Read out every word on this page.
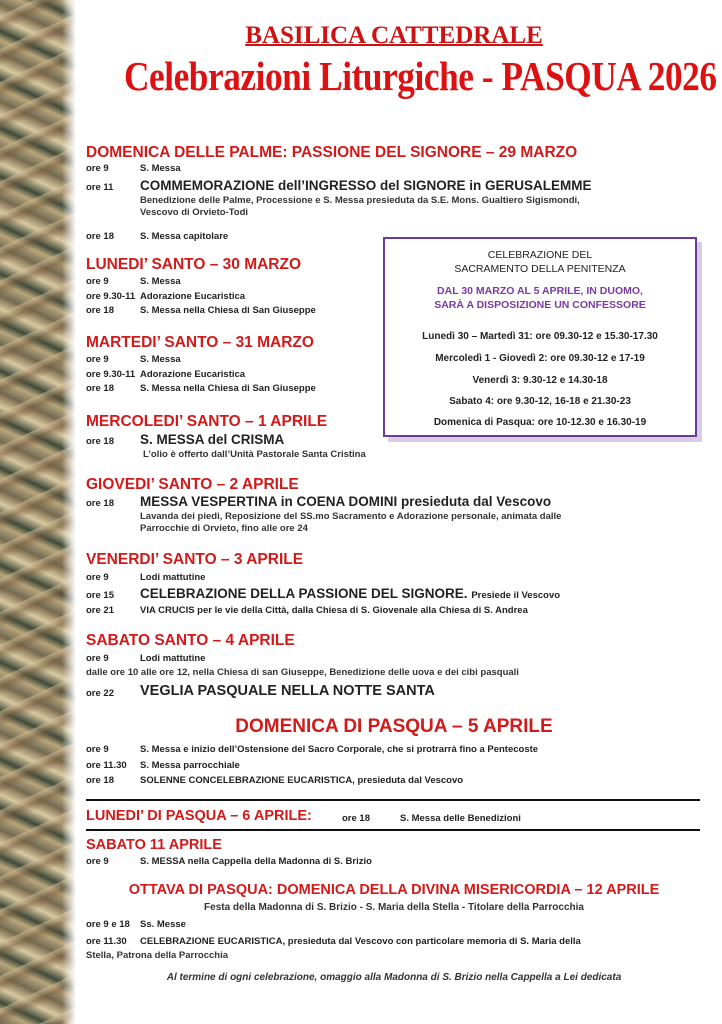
BASILICA CATTEDRALE
Celebrazioni Liturgiche - PASQUA 2026
DOMENICA DELLE PALME: PASSIONE DEL SIGNORE – 29 MARZO
ore 9	S. Messa
ore 11 COMMEMORAZIONE dell’INGRESSO del SIGNORE in GERUSALEMME
Benedizione delle Palme, Processione e S. Messa presieduta da S.E. Mons. Gualtiero Sigismondi,
Vescovo di Orvieto-Todi
ore 18	S. Messa capitolare
LUNEDI’ SANTO – 30 MARZO
ore 9	S. Messa
ore 9.30-11 Adorazione Eucaristica
ore 18	S. Messa nella Chiesa di San Giuseppe
MARTEDI’ SANTO – 31 MARZO
ore 9	S. Messa
ore 9.30-11 Adorazione Eucaristica
ore 18	S. Messa nella Chiesa di San Giuseppe
CELEBRAZIONE DEL
SACRAMENTO DELLA PENITENZA
DAL 30 MARZO AL 5 APRILE, IN DUOMO,
SARÀ A DISPOSIZIONE UN CONFESSORE
Lunedì 30 – Martedì 31: ore 09.30-12 e 15.30-17.30
Mercoledì 1 - Giovedì 2: ore 09.30-12 e 17-19
Venerdì 3: 9.30-12 e 14.30-18
Sabato 4: ore 9.30-12, 16-18 e 21.30-23
Domenica di Pasqua: ore 10-12.30 e 16.30-19
MERCOLEDI’ SANTO – 1 APRILE
ore 18 S. MESSA del CRISMA
L’olio è offerto dall’Unità Pastorale Santa Cristina
GIOVEDI’ SANTO – 2 APRILE
ore 18 MESSA VESPERTINA in COENA DOMINI presieduta dal Vescovo
Lavanda dei piedi, Reposizione del SS.mo Sacramento e Adorazione personale, animata dalle
Parrocchie di Orvieto, fino alle ore 24
VENERDI’ SANTO – 3 APRILE
ore 9	Lodi mattutine
ore 15 CELEBRAZIONE DELLA PASSIONE DEL SIGNORE. Presiede il Vescovo
ore 21	VIA CRUCIS per le vie della Città, dalla Chiesa di S. Giovenale alla Chiesa di S. Andrea
SABATO SANTO – 4 APRILE
ore 9	Lodi mattutine
dalle ore 10 alle ore 12, nella Chiesa di san Giuseppe, Benedizione delle uova e dei cibi pasquali
ore 22 VEGLIA PASQUALE NELLA NOTTE SANTA
DOMENICA DI PASQUA – 5 APRILE
ore 9	S. Messa e inizio dell’Ostensione del Sacro Corporale, che si protrarrà fino a Pentecoste
ore 11.30 S. Messa parrocchiale
ore 18	SOLENNE CONCELEBRAZIONE EUCARISTICA, presieduta dal Vescovo
LUNEDI’ DI PASQUA – 6 APRILE:	ore 18	S. Messa delle Benedizioni
SABATO 11 APRILE
ore 9	S. MESSA nella Cappella della Madonna di S. Brizio
OTTAVA DI PASQUA: DOMENICA DELLA DIVINA MISERICORDIA – 12 APRILE
Festa della Madonna di S. Brizio - S. Maria della Stella - Titolare della Parrocchia
ore 9 e 18 Ss. Messe
ore 11.30 CELEBRAZIONE EUCARISTICA, presieduta dal Vescovo con particolare memoria di S. Maria della
Stella, Patrona della Parrocchia
Al termine di ogni celebrazione, omaggio alla Madonna di S. Brizio nella Cappella a Lei dedicata
